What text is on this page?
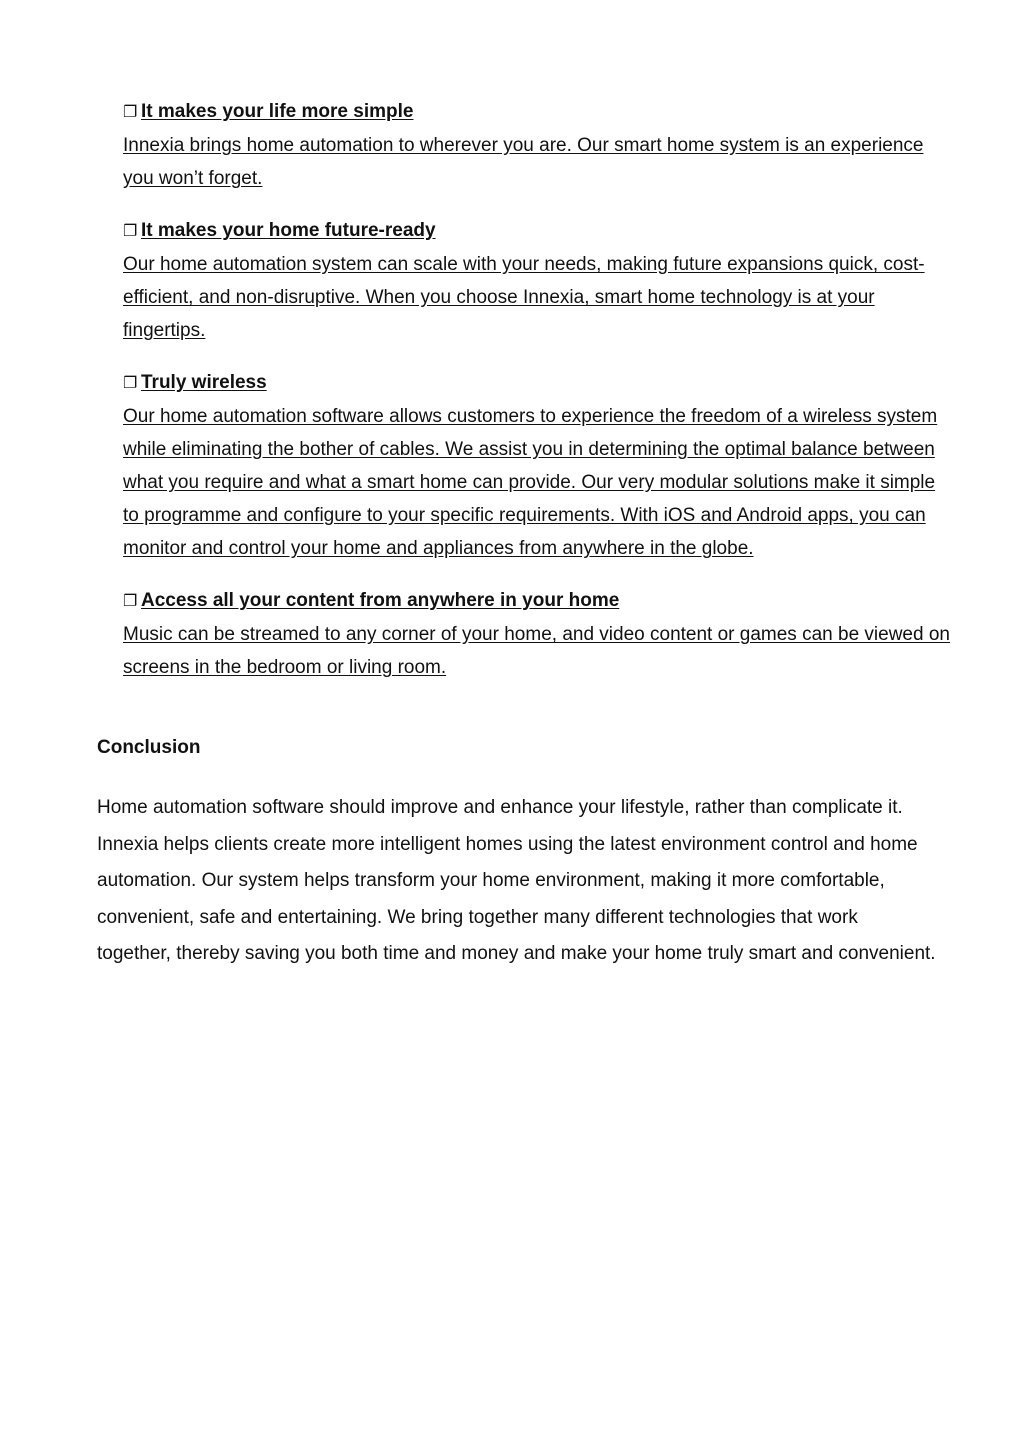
❐ It makes your life more simple
Innexia brings home automation to wherever you are. Our smart home system is an experience you won’t forget.
❐ It makes your home future-ready
Our home automation system can scale with your needs, making future expansions quick, cost-efficient, and non-disruptive. When you choose Innexia, smart home technology is at your fingertips.
❐ Truly wireless
Our home automation software allows customers to experience the freedom of a wireless system while eliminating the bother of cables. We assist you in determining the optimal balance between what you require and what a smart home can provide. Our very modular solutions make it simple to programme and configure to your specific requirements. With iOS and Android apps, you can monitor and control your home and appliances from anywhere in the globe.
❐ Access all your content from anywhere in your home
Music can be streamed to any corner of your home, and video content or games can be viewed on screens in the bedroom or living room.
Conclusion

Home automation software should improve and enhance your lifestyle, rather than complicate it. Innexia helps clients create more intelligent homes using the latest environment control and home automation. Our system helps transform your home environment, making it more comfortable, convenient, safe and entertaining. We bring together many different technologies that work together, thereby saving you both time and money and make your home truly smart and convenient.
